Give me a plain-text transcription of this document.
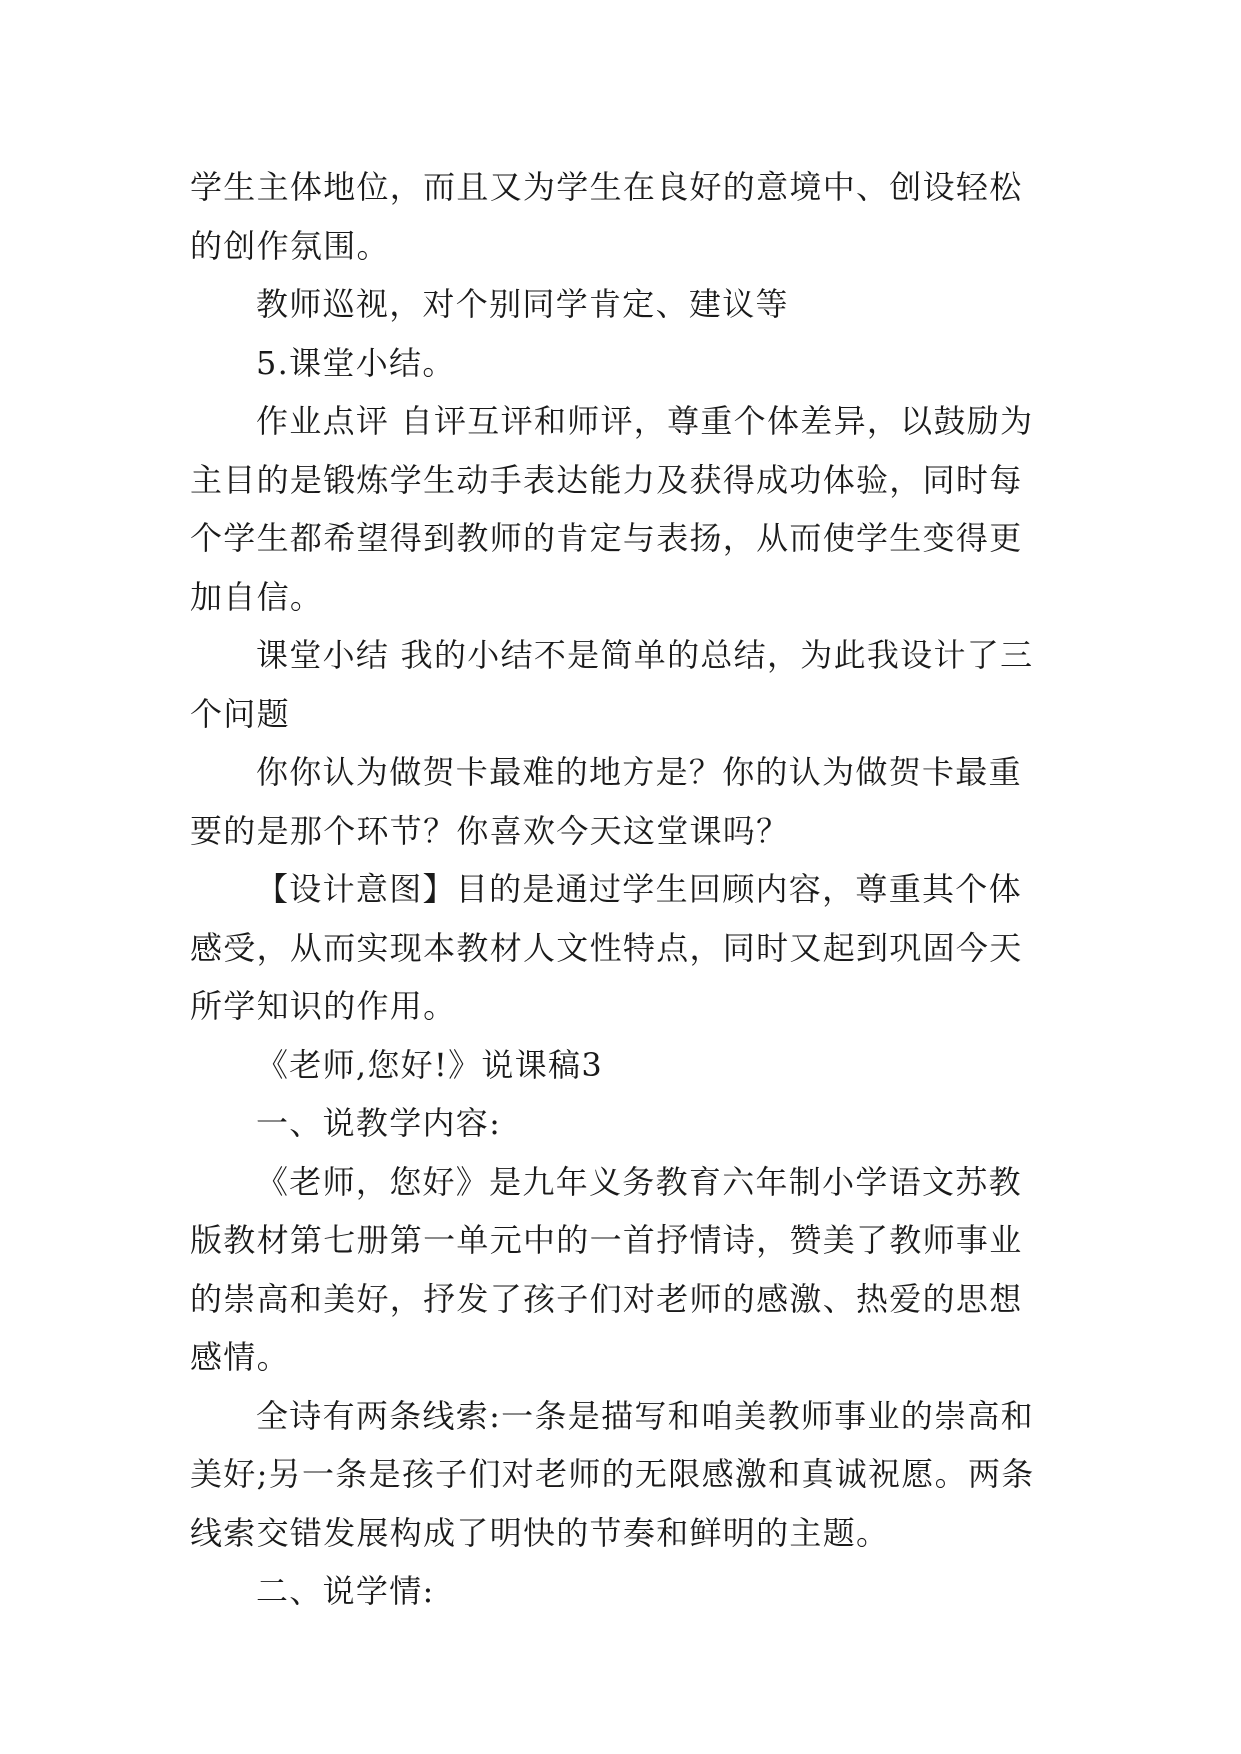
学生主体地位，而且又为学生在良好的意境中、创设轻松的创作氛围。

教师巡视，对个别同学肯定、建议等

5.课堂小结。

作业点评 自评互评和师评，尊重个体差异，以鼓励为主目的是锻炼学生动手表达能力及获得成功体验，同时每个学生都希望得到教师的肯定与表扬，从而使学生变得更加自信。

课堂小结 我的小结不是简单的总结，为此我设计了三个问题

你你认为做贺卡最难的地方是？你的认为做贺卡最重要的是那个环节？你喜欢今天这堂课吗？

【设计意图】目的是通过学生回顾内容，尊重其个体感受，从而实现本教材人文性特点，同时又起到巩固今天所学知识的作用。

《老师,您好!》说课稿3

一、说教学内容:

《老师，您好》是九年义务教育六年制小学语文苏教版教材第七册第一单元中的一首抒情诗，赞美了教师事业的崇高和美好，抒发了孩子们对老师的感激、热爱的思想感情。

全诗有两条线索:一条是描写和咱美教师事业的崇高和美好;另一条是孩子们对老师的无限感激和真诚祝愿。两条线索交错发展构成了明快的节奏和鲜明的主题。

二、说学情:
